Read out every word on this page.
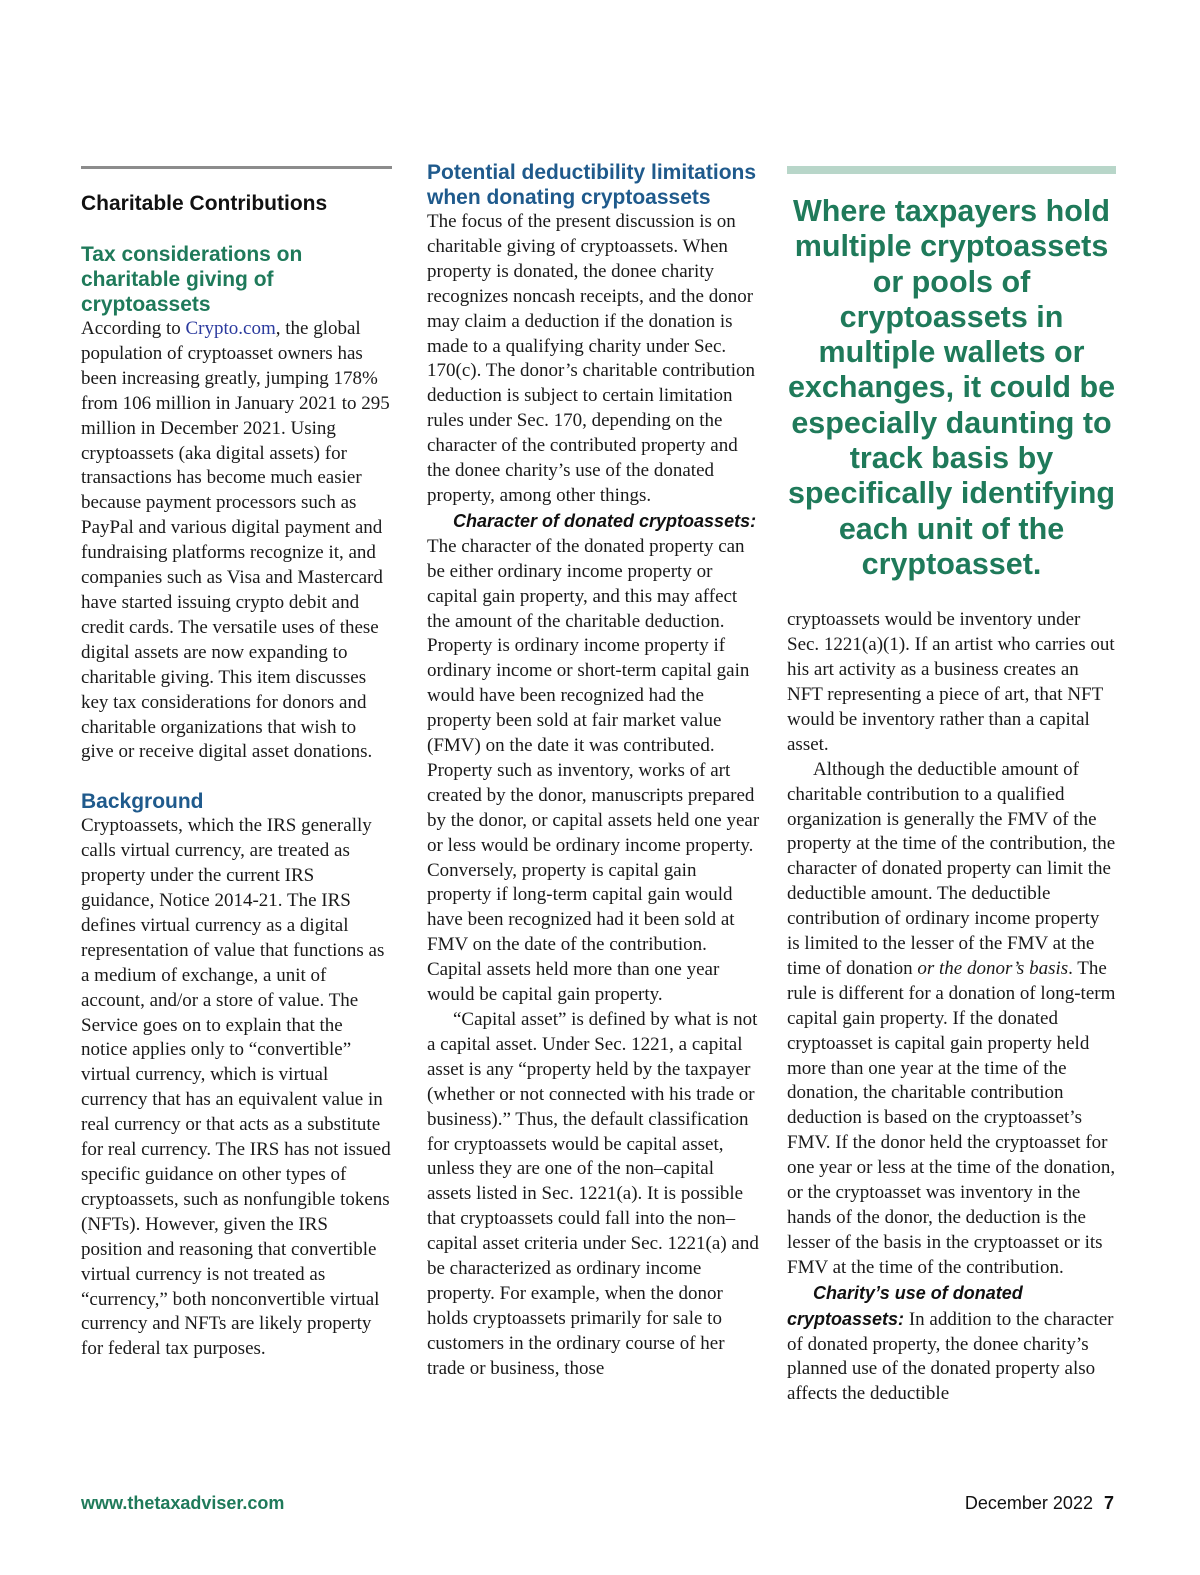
Charitable Contributions
Tax considerations on charitable giving of cryptoassets

According to Crypto.com, the global population of cryptoasset owners has been increasing greatly, jumping 178% from 106 million in January 2021 to 295 million in December 2021. Using cryptoassets (aka digital assets) for transactions has become much easier because payment processors such as PayPal and various digital payment and fundraising platforms recognize it, and companies such as Visa and Mastercard have started issuing crypto debit and credit cards. The versatile uses of these digital assets are now expanding to charitable giving. This item discusses key tax considerations for donors and charitable organizations that wish to give or receive digital asset donations.

Background

Cryptoassets, which the IRS generally calls virtual currency, are treated as property under the current IRS guidance, Notice 2014-21. The IRS defines virtual currency as a digital representation of value that functions as a medium of exchange, a unit of account, and/or a store of value. The Service goes on to explain that the notice applies only to “convertible” virtual currency, which is virtual currency that has an equivalent value in real currency or that acts as a substitute for real currency. The IRS has not issued specific guidance on other types of cryptoassets, such as nonfungible tokens (NFTs). However, given the IRS position and reasoning that convertible virtual currency is not treated as “currency,” both nonconvertible virtual currency and NFTs are likely property for federal tax purposes.

Potential deductibility limitations when donating cryptoassets

The focus of the present discussion is on charitable giving of cryptoassets. When property is donated, the donee charity recognizes noncash receipts, and the donor may claim a deduction if the donation is made to a qualifying charity under Sec. 170(c). The donor’s charitable contribution deduction is subject to certain limitation rules under Sec. 170, depending on the character of the contributed property and the donee charity’s use of the donated property, among other things.

Character of donated cryptoassets: The character of the donated property can be either ordinary income property or capital gain property, and this may affect the amount of the charitable deduction. Property is ordinary income property if ordinary income or short-term capital gain would have been recognized had the property been sold at fair market value (FMV) on the date it was contributed. Property such as inventory, works of art created by the donor, manuscripts prepared by the donor, or capital assets held one year or less would be ordinary income property. Conversely, property is capital gain property if long-term capital gain would have been recognized had it been sold at FMV on the date of the contribution. Capital assets held more than one year would be capital gain property.

“Capital asset” is defined by what is not a capital asset. Under Sec. 1221, a capital asset is any “property held by the taxpayer (whether or not connected with his trade or business).” Thus, the default classification for cryptoassets would be capital asset, unless they are one of the non–capital assets listed in Sec. 1221(a). It is possible that cryptoassets could fall into the non–capital asset criteria under Sec. 1221(a) and be characterized as ordinary income property. For example, when the donor holds cryptoassets primarily for sale to customers in the ordinary course of her trade or business, those

Where taxpayers hold multiple cryptoassets or pools of cryptoassets in multiple wallets or exchanges, it could be especially daunting to track basis by specifically identifying each unit of the cryptoasset.

cryptoassets would be inventory under Sec. 1221(a)(1). If an artist who carries out his art activity as a business creates an NFT representing a piece of art, that NFT would be inventory rather than a capital asset.

Although the deductible amount of charitable contribution to a qualified organization is generally the FMV of the property at the time of the contribution, the character of donated property can limit the deductible amount. The deductible contribution of ordinary income property is limited to the lesser of the FMV at the time of donation or the donor’s basis. The rule is different for a donation of long-term capital gain property. If the donated cryptoasset is capital gain property held more than one year at the time of the donation, the charitable contribution deduction is based on the cryptoasset’s FMV. If the donor held the cryptoasset for one year or less at the time of the donation, or the cryptoasset was inventory in the hands of the donor, the deduction is the lesser of the basis in the cryptoasset or its FMV at the time of the contribution.

Charity’s use of donated cryptoassets: In addition to the character of donated property, the donee charity’s planned use of the donated property also affects the deductible

www.thetaxadviser.com	December 2022 7
